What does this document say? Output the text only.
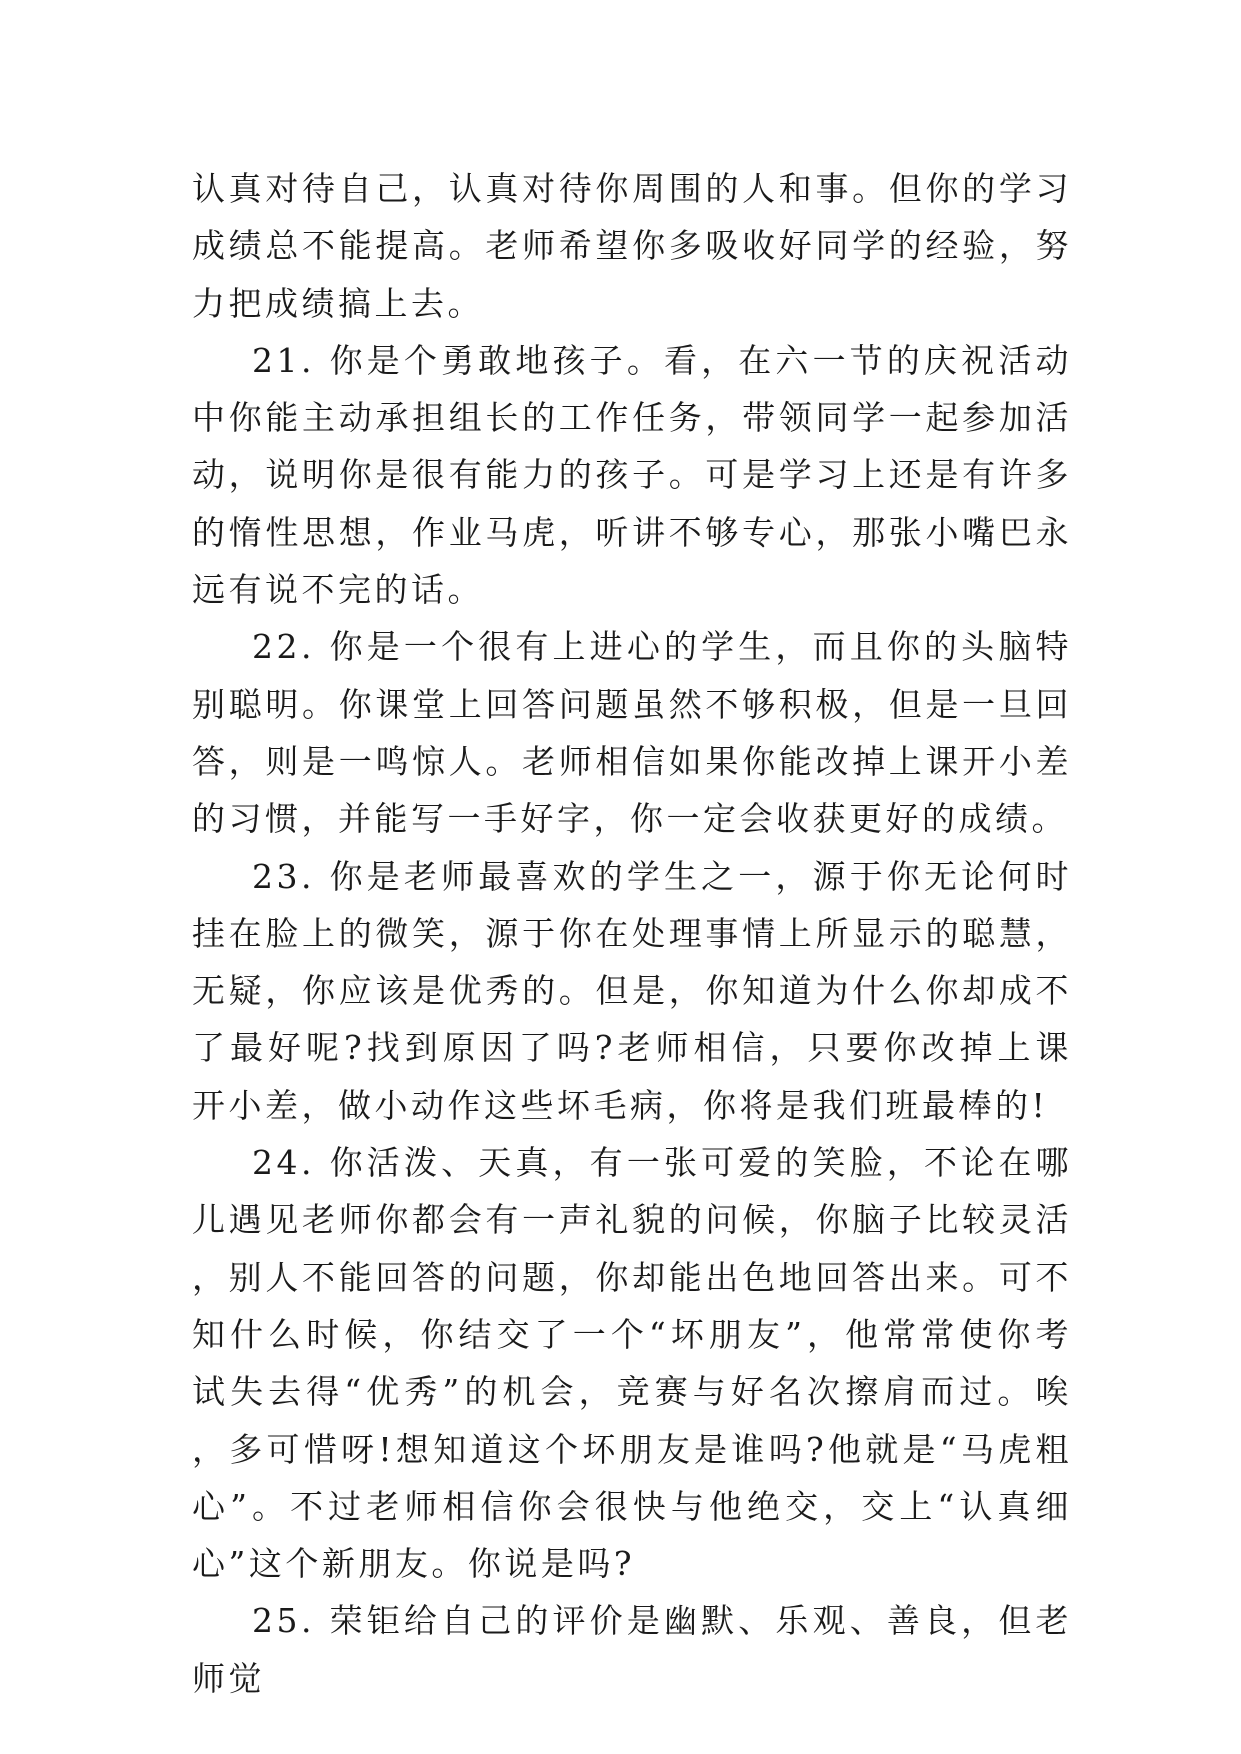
认真对待自己，认真对待你周围的人和事。但你的学习成绩总不能提高。老师希望你多吸收好同学的经验，努力把成绩搞上去。

21. 你是个勇敢地孩子。看，在六一节的庆祝活动中你能主动承担组长的工作任务，带领同学一起参加活动，说明你是很有能力的孩子。可是学习上还是有许多的惰性思想，作业马虎，听讲不够专心，那张小嘴巴永远有说不完的话。

22. 你是一个很有上进心的学生，而且你的头脑特别聪明。你课堂上回答问题虽然不够积极，但是一旦回答，则是一鸣惊人。老师相信如果你能改掉上课开小差的习惯，并能写一手好字，你一定会收获更好的成绩。

23. 你是老师最喜欢的学生之一，源于你无论何时挂在脸上的微笑，源于你在处理事情上所显示的聪慧，无疑，你应该是优秀的。但是，你知道为什么你却成不了最好呢?找到原因了吗?老师相信，只要你改掉上课开小差，做小动作这些坏毛病，你将是我们班最棒的!

24. 你活泼、天真，有一张可爱的笑脸，不论在哪儿遇见老师你都会有一声礼貌的问候，你脑子比较灵活，别人不能回答的问题，你却能出色地回答出来。可不知什么时候，你结交了一个“坏朋友”，他常常使你考试失去得“优秀”的机会，竞赛与好名次擦肩而过。唉，多可惜呀!想知道这个坏朋友是谁吗?他就是“马虎粗心”。不过老师相信你会很快与他绝交，交上“认真细心”这个新朋友。你说是吗?

25. 荣钜给自己的评价是幽默、乐观、善良，但老师觉
